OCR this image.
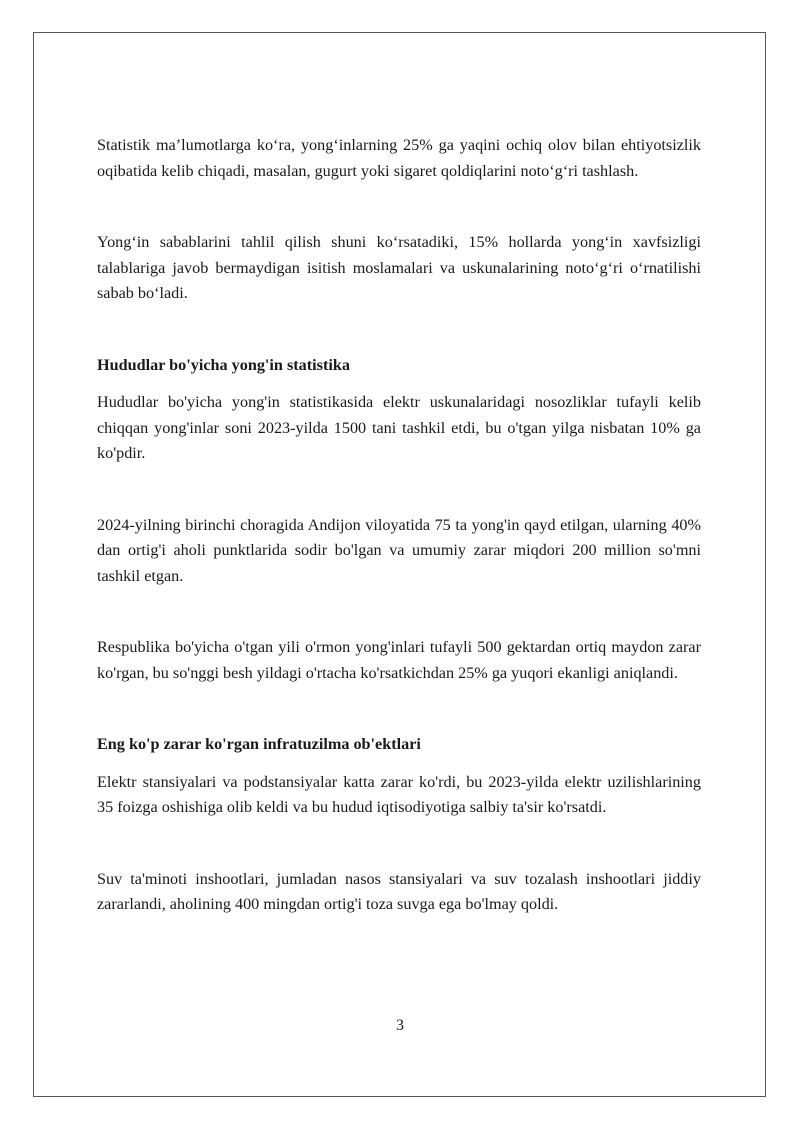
Statistik ma’lumotlarga ko‘ra, yong‘inlarning 25% ga yaqini ochiq olov bilan ehtiyotsizlik oqibatida kelib chiqadi, masalan, gugurt yoki sigaret qoldiqlarini noto‘g‘ri tashlash.

Yong‘in sabablarini tahlil qilish shuni ko‘rsatadiki, 15% hollarda yong‘in xavfsizligi talablariga javob bermaydigan isitish moslamalari va uskunalarining noto‘g‘ri o‘rnatilishi sabab bo‘ladi.

Hududlar bo'yicha yong'in statistika

Hududlar bo'yicha yong'in statistikasida elektr uskunalaridagi nosozliklar tufayli kelib chiqqan yong'inlar soni 2023-yilda 1500 tani tashkil etdi, bu o'tgan yilga nisbatan 10% ga ko'pdir.

2024-yilning birinchi choragida Andijon viloyatida 75 ta yong'in qayd etilgan, ularning 40% dan ortig'i aholi punktlarida sodir bo'lgan va umumiy zarar miqdori 200 million so'mni tashkil etgan.

Respublika bo'yicha o'tgan yili o'rmon yong'inlari tufayli 500 gektardan ortiq maydon zarar ko'rgan, bu so'nggi besh yildagi o'rtacha ko'rsatkichdan 25% ga yuqori ekanligi aniqlandi.

Eng ko'p zarar ko'rgan infratuzilma ob'ektlari

Elektr stansiyalari va podstansiyalar katta zarar ko'rdi, bu 2023-yilda elektr uzilishlarining 35 foizga oshishiga olib keldi va bu hudud iqtisodiyotiga salbiy ta'sir ko'rsatdi.

Suv ta'minoti inshootlari, jumladan nasos stansiyalari va suv tozalash inshootlari jiddiy zararlandi, aholining 400 mingdan ortig'i toza suvga ega bo'lmay qoldi.

3
